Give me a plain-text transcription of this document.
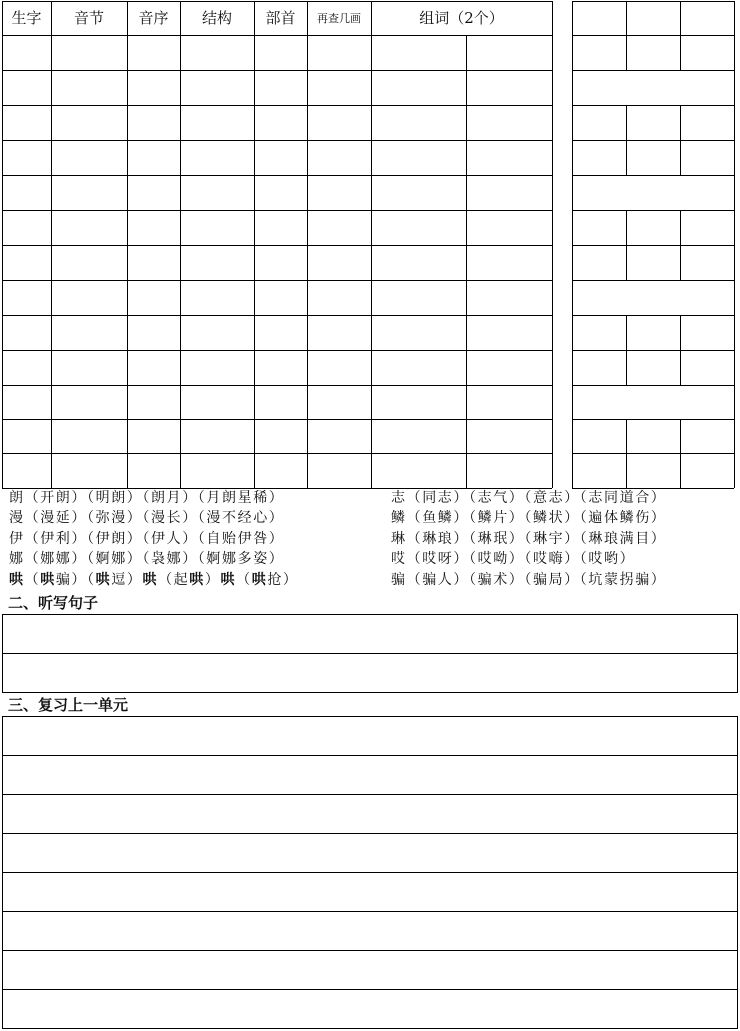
生字	音节	音序	结构	部首	再查几画	组词（2个）
朗（开朗）（明朗）（朗月）（月朗星稀）
漫（漫延）（弥漫）（漫长）（漫不经心）
伊（伊利）（伊朗）（伊人）（自贻伊咎）
娜（娜娜）（婀娜）（袅娜）（婀娜多姿）
哄（哄骗）（哄逗）哄（起哄）哄（哄抢）
志（同志）（志气）（意志）（志同道合）
鳞（鱼鳞）（鳞片）（鳞状）（遍体鳞伤）
琳（琳琅）（琳珉）（琳宇）（琳琅满目）
哎（哎呀）（哎呦）（哎嗨）（哎哟）
骗（骗人）（骗术）（骗局）（坑蒙拐骗）
二、听写句子
三、复习上一单元
